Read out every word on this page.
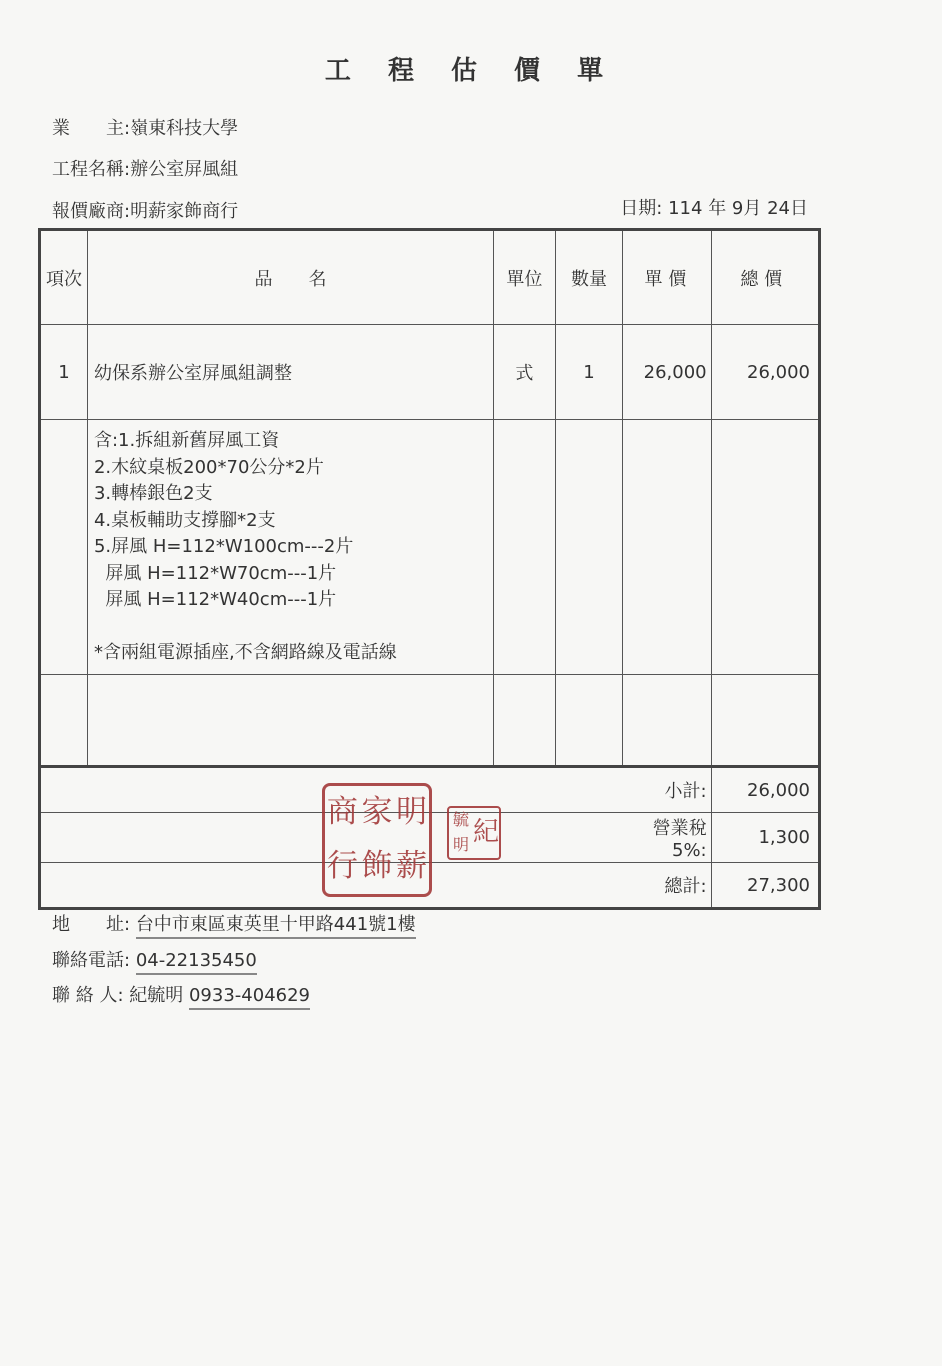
工 程 估 價 單
業　　主:嶺東科技大學
工程名稱:辦公室屏風組
報價廠商:明薪家飾商行	日期: 114 年 9月 24日
項次	品　　名	單位	數量	單 價	總 價
1	幼保系辦公室屏風組調整	式	1	26,000	26,000

含:1.拆組新舊屏風工資
2.木紋桌板200*70公分*2片
3.轉棒銀色2支
4.桌板輔助支撐腳*2支
5.屏風 H=112*W100cm---2片
屏風 H=112*W70cm---1片
屏風 H=112*W40cm---1片
*含兩組電源插座,不含網路線及電話線

				小計:	26,000
				營業稅5%:	1,300
				總計:	27,300
商 家 明
行 飾 薪
毓 紀
明
地　　址: 台中市東區東英里十甲路441號1樓
聯絡電話: 04-22135450
聯 絡 人: 紀毓明 0933-404629
